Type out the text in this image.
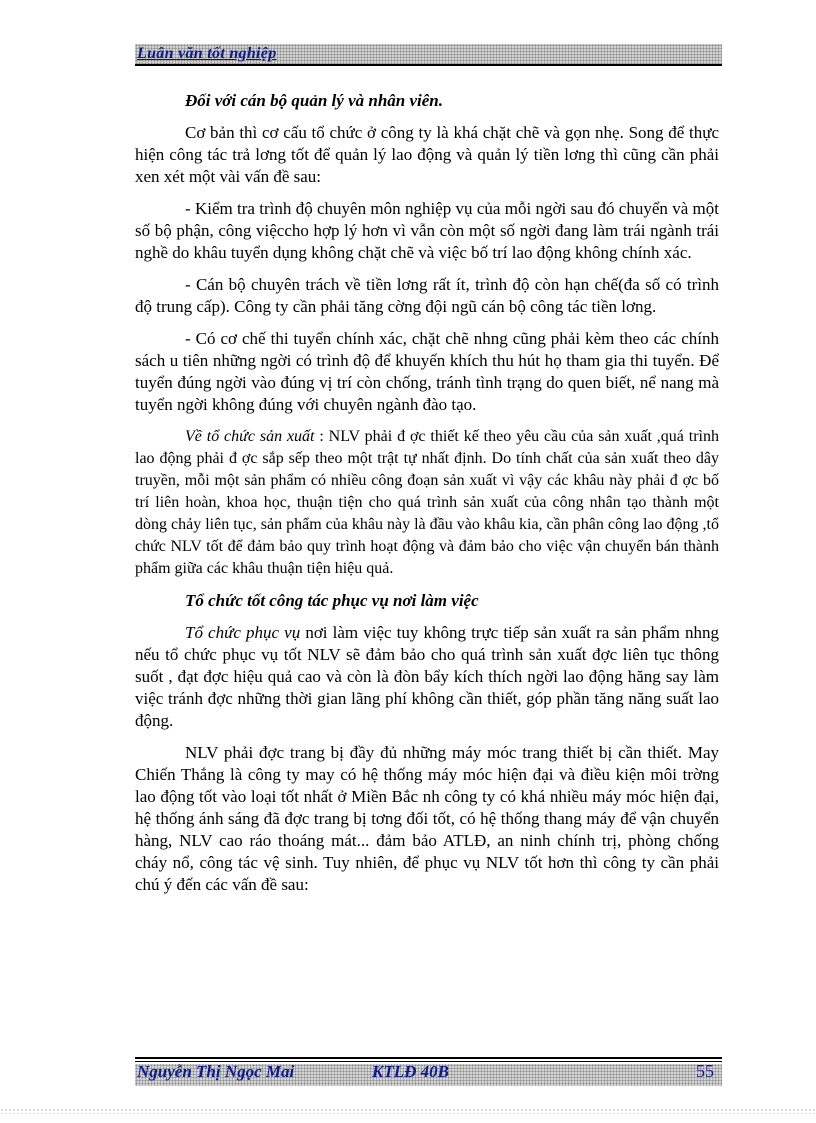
Luân văn tốt nghiệp

Đối với cán bộ quản lý và nhân viên.

Cơ bản thì cơ cấu tổ chức ở công ty là khá chặt chẽ và gọn nhẹ. Song để thực hiện công tác trả lơng tốt để quản lý lao động và quản lý tiền lơng thì cũng cần phải xen xét một vài vấn đề sau:

- Kiểm tra trình độ chuyên môn nghiệp vụ của mỗi ngời sau đó chuyển và một số bộ phận, công việccho hợp lý hơn vì vẫn còn một số ngời đang làm trái ngành trái nghề do khâu tuyển dụng không chặt chẽ và việc bố trí lao động không chính xác.

- Cán bộ chuyên trách về tiền lơng rất ít, trình độ còn hạn chế(đa số có trình độ trung cấp). Công ty cần phải tăng cờng đội ngũ cán bộ công tác tiền lơng.

- Có cơ chế thi tuyển chính xác, chặt chẽ nhng cũng phải kèm theo các chính sách u tiên những ngời có trình độ để khuyến khích thu hút họ tham gia thi tuyển. Để tuyển đúng ngời vào đúng vị trí còn chống, tránh tình trạng do quen biết, nể nang mà tuyển ngời không đúng với chuyên ngành đào tạo.

Về tổ chức sản xuất : NLV phải đ ợc thiết kế theo yêu cầu của sản xuất ,quá trình lao động phải đ ợc sắp sếp theo một trật tự nhất định. Do tính chất của sản xuất theo dây truyền, mỗi một sản phẩm có nhiều công đoạn sản xuất vì vậy các khâu này phải đ ợc bố trí liên hoàn, khoa học, thuận tiện cho quá trình sản xuất của công nhân tạo thành một dòng chảy liên tục, sản phẩm của khâu này là đầu vào khâu kia, cần phân công lao động ,tổ chức NLV tốt để đảm bảo quy trình hoạt động và đảm bảo cho việc vận chuyển bán thành phẩm giữa các khâu thuận tiện hiệu quả.

Tổ chức tốt công tác phục vụ nơi làm việc

Tổ chức phục vụ nơi làm việc tuy không trực tiếp sản xuất ra sản phẩm nhng nếu tổ chức phục vụ tốt NLV sẽ đảm bảo cho quá trình sản xuất đợc liên tục thông suốt , đạt đợc hiệu quả cao và còn là đòn bẩy kích thích ngời lao động hăng say làm việc tránh đợc những thời gian lãng phí không cần thiết, góp phần tăng năng suất lao động.

NLV phải đợc trang bị đầy đủ những máy móc trang thiết bị cần thiết. May Chiến Thắng là công ty may có hệ thống máy móc hiện đại và điều kiện môi trờng lao động tốt vào loại tốt nhất ở Miền Bắc nh công ty có khá nhiều máy móc hiện đại, hệ thống ánh sáng đã đợc trang bị tơng đối tốt, có hệ thống thang máy để vận chuyển hàng, NLV cao ráo thoáng mát... đảm bảo ATLĐ, an ninh chính trị, phòng chống cháy nổ, công tác vệ sinh. Tuy nhiên, để phục vụ NLV tốt hơn thì công ty cần phải chú ý đến các vấn đề sau:

Nguyễn Thị Ngọc Mai	KTLĐ 40B	55
